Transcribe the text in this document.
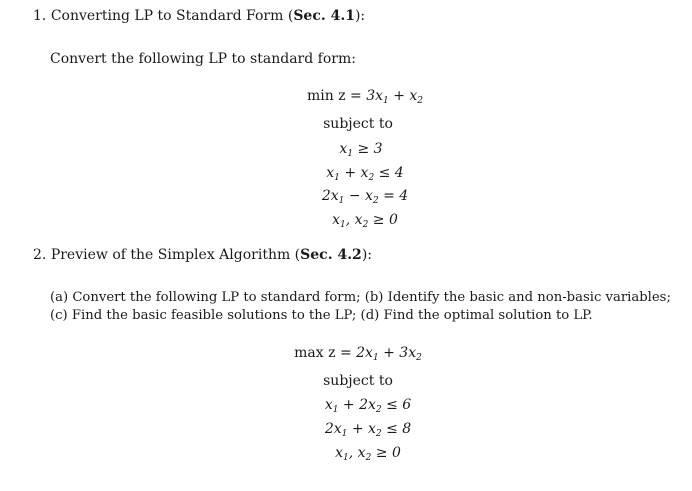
1. Converting LP to Standard Form (Sec. 4.1):
Convert the following LP to standard form:
$\min z = 3x_1 + x_2$
subject to
$x_1 \ge 3$
$x_1 + x_2 \le 4$
$2x_1 - x_2 = 4$
$x_1$, $x_2 \ge 0$
2. Preview of the Simplex Algorithm (Sec. 4.2):
(a) Convert the following LP to standard form; (b) Identify the basic and non-basic variables;
(c) Find the basic feasible solutions to the LP; (d) Find the optimal solution to LP.
$\max z = 2x_1 + 3x_2$
subject to
$x_1 + 2x_2 \le 6$
$2x_1 + x_2 \le 8$
$x_1$, $x_2 \ge 0$
